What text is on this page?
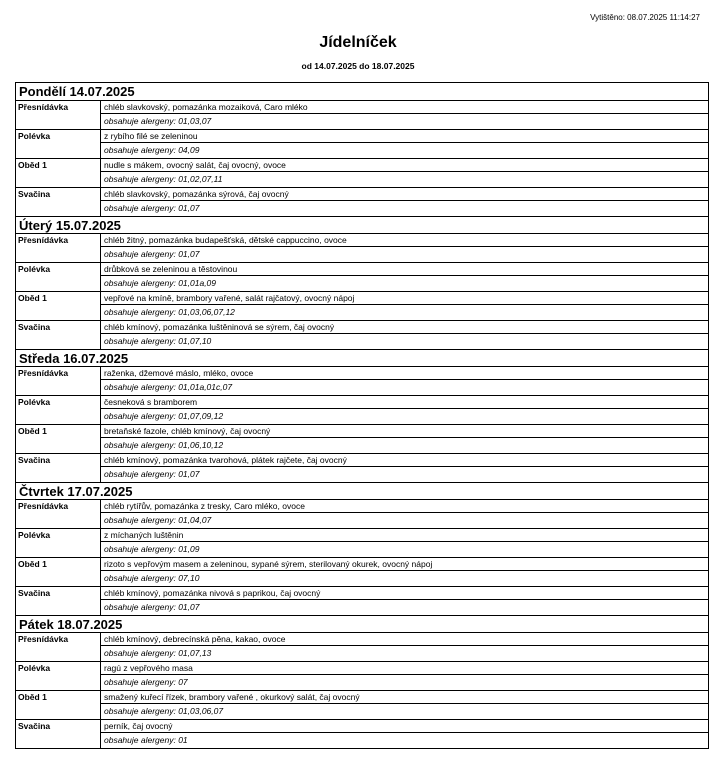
Vytištěno: 08.07.2025 11:14:27
Jídelníček
od 14.07.2025 do 18.07.2025
Pondělí 14.07.2025
Přesnídávka	chléb slavkovský, pomazánka mozaiková, Caro mléko
obsahuje alergeny: 01,03,07
Polévka	z rybího filé se zeleninou
obsahuje alergeny: 04,09
Oběd 1	nudle s mákem, ovocný salát, čaj ovocný, ovoce
obsahuje alergeny: 01,02,07,11
Svačina	chléb slavkovský, pomazánka sýrová, čaj ovocný
obsahuje alergeny: 01,07
Úterý 15.07.2025
Přesnídávka	chléb žitný, pomazánka budapešťská, dětské cappuccino, ovoce
obsahuje alergeny: 01,07
Polévka	drůbková se zeleninou a těstovinou
obsahuje alergeny: 01,01a,09
Oběd 1	vepřové na kmíně, brambory vařené, salát rajčatový, ovocný nápoj
obsahuje alergeny: 01,03,06,07,12
Svačina	chléb kmínový, pomazánka luštěninová se sýrem, čaj ovocný
obsahuje alergeny: 01,07,10
Středa 16.07.2025
Přesnídávka	raženka, džemové máslo, mléko, ovoce
obsahuje alergeny: 01,01a,01c,07
Polévka	česneková s bramborem
obsahuje alergeny: 01,07,09,12
Oběd 1	bretaňské fazole, chléb kmínový, čaj ovocný
obsahuje alergeny: 01,06,10,12
Svačina	chléb kmínový, pomazánka tvarohová, plátek rajčete, čaj ovocný
obsahuje alergeny: 01,07
Čtvrtek 17.07.2025
Přesnídávka	chléb rytířův, pomazánka z tresky, Caro mléko, ovoce
obsahuje alergeny: 01,04,07
Polévka	z míchaných luštěnin
obsahuje alergeny: 01,09
Oběd 1	rizoto s vepřovým masem a zeleninou, sypané sýrem, sterilovaný okurek, ovocný nápoj
obsahuje alergeny: 07,10
Svačina	chléb kmínový, pomazánka nivová s paprikou, čaj ovocný
obsahuje alergeny: 01,07
Pátek 18.07.2025
Přesnídávka	chléb kmínový, debrecínská pěna, kakao, ovoce
obsahuje alergeny: 01,07,13
Polévka	ragú z vepřového masa
obsahuje alergeny: 07
Oběd 1	smažený kuřecí řízek, brambory vařené , okurkový salát, čaj ovocný
obsahuje alergeny: 01,03,06,07
Svačina	perník, čaj ovocný
obsahuje alergeny: 01
